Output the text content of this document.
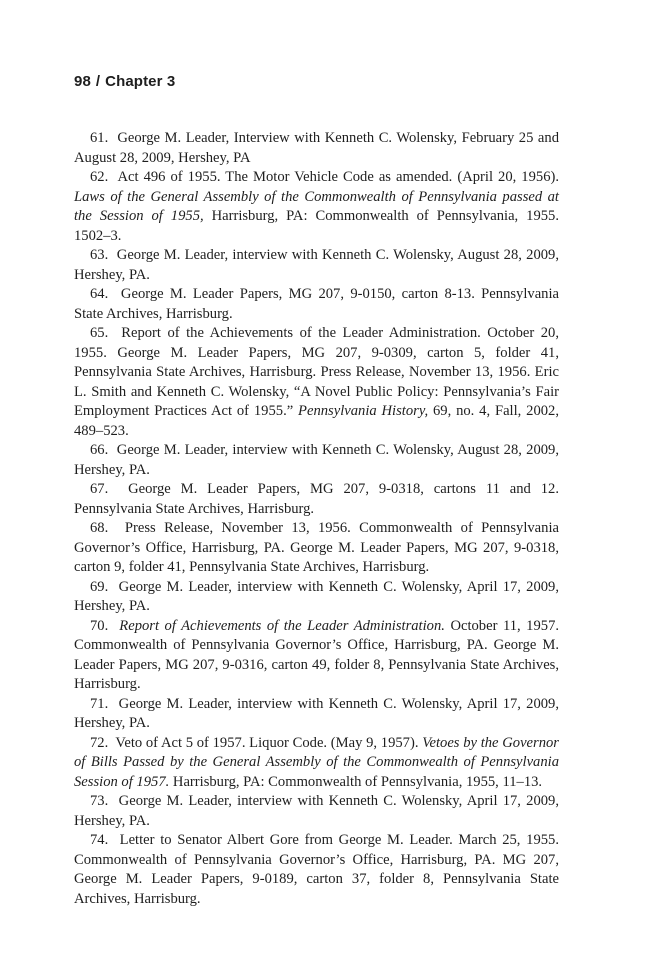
98 / Chapter 3

61. George M. Leader, Interview with Kenneth C. Wolensky, February 25 and August 28, 2009, Hershey, PA

62. Act 496 of 1955. The Motor Vehicle Code as amended. (April 20, 1956). Laws of the General Assembly of the Commonwealth of Pennsylvania passed at the Session of 1955, Harrisburg, PA: Commonwealth of Pennsylvania, 1955. 1502–3.

63. George M. Leader, interview with Kenneth C. Wolensky, August 28, 2009, Hershey, PA.

64. George M. Leader Papers, MG 207, 9-0150, carton 8-13. Pennsylvania State Archives, Harrisburg.

65. Report of the Achievements of the Leader Administration. October 20, 1955. George M. Leader Papers, MG 207, 9-0309, carton 5, folder 41, Pennsylvania State Archives, Harrisburg. Press Release, November 13, 1956. Eric L. Smith and Kenneth C. Wolensky, “A Novel Public Policy: Pennsylvania’s Fair Employment Practices Act of 1955.” Pennsylvania History, 69, no. 4, Fall, 2002, 489–523.

66. George M. Leader, interview with Kenneth C. Wolensky, August 28, 2009, Hershey, PA.

67. George M. Leader Papers, MG 207, 9-0318, cartons 11 and 12. Pennsylvania State Archives, Harrisburg.

68. Press Release, November 13, 1956. Commonwealth of Pennsylvania Governor’s Office, Harrisburg, PA. George M. Leader Papers, MG 207, 9-0318, carton 9, folder 41, Pennsylvania State Archives, Harrisburg.

69. George M. Leader, interview with Kenneth C. Wolensky, April 17, 2009, Hershey, PA.

70. Report of Achievements of the Leader Administration. October 11, 1957. Commonwealth of Pennsylvania Governor’s Office, Harrisburg, PA. George M. Leader Papers, MG 207, 9-0316, carton 49, folder 8, Pennsylvania State Archives, Harrisburg.

71. George M. Leader, interview with Kenneth C. Wolensky, April 17, 2009, Hershey, PA.

72. Veto of Act 5 of 1957. Liquor Code. (May 9, 1957). Vetoes by the Governor of Bills Passed by the General Assembly of the Commonwealth of Pennsylvania Session of 1957. Harrisburg, PA: Commonwealth of Pennsylvania, 1955, 11–13.

73. George M. Leader, interview with Kenneth C. Wolensky, April 17, 2009, Hershey, PA.

74. Letter to Senator Albert Gore from George M. Leader. March 25, 1955. Commonwealth of Pennsylvania Governor’s Office, Harrisburg, PA. MG 207, George M. Leader Papers, 9-0189, carton 37, folder 8, Pennsylvania State Archives, Harrisburg.
